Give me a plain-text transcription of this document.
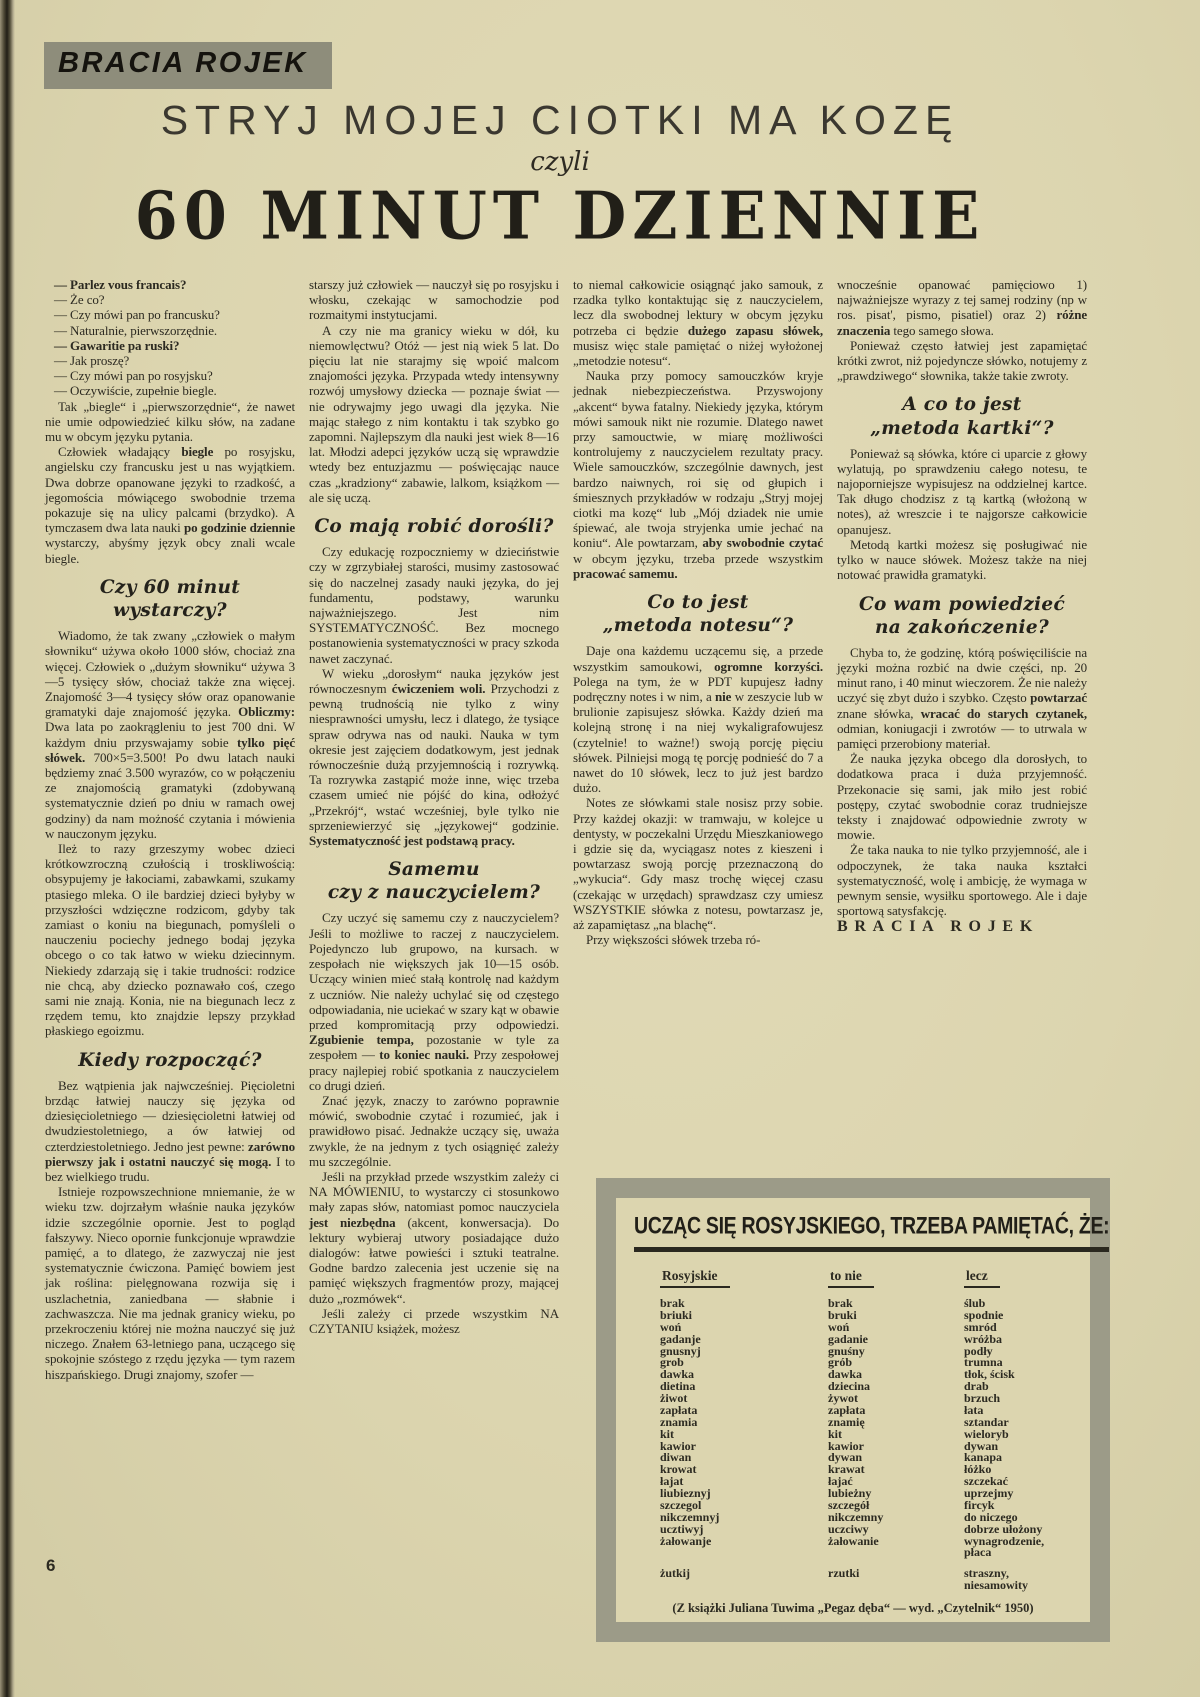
BRACIA ROJEK
STRYJ MOJEJ CIOTKI MA KOZĘ
czyli
60 MINUT DZIENNIE

— Parlez vous francais?

— Że co?

— Czy mówi pan po francusku?

— Naturalnie, pierwszorzędnie.

— Gawaritie pa ruski?

— Jak proszę?

— Czy mówi pan po rosyjsku?

— Oczywiście, zupełnie biegle.

Tak „biegle“ i „pierwszorzędnie“, że nawet nie umie odpowiedzieć kilku słów, na zadane mu w obcym języku pytania.

Człowiek władający biegle po rosyjsku, angielsku czy francusku jest u nas wyjątkiem. Dwa dobrze opanowane języki to rzadkość, a jegomościa mówiącego swobodnie trzema pokazuje się na ulicy palcami (brzydko). A tymczasem dwa lata nauki po godzinie dziennie wystarczy, abyśmy język obcy znali wcale biegle.

Czy 60 minut wystarczy?

Wiadomo, że tak zwany „człowiek o małym słowniku“ używa około 1000 słów, chociaż zna więcej. Człowiek o „dużym słowniku“ używa 3—5 tysięcy słów, chociaż także zna więcej. Znajomość 3—4 tysięcy słów oraz opanowanie gramatyki daje znajomość języka. Obliczmy: Dwa lata po zaokrągleniu to jest 700 dni. W każdym dniu przyswajamy sobie tylko pięć słówek. 700×5=3.500! Po dwu latach nauki będziemy znać 3.500 wyrazów, co w połączeniu ze znajomością gramatyki (zdobywaną systematycznie dzień po dniu w ramach owej godziny) da nam możność czytania i mówienia w nauczonym języku.

Ileż to razy grzeszymy wobec dzieci krótkowzroczną czułością i troskliwością: obsypujemy je łakociami, zabawkami, szukamy ptasiego mleka. O ile bardziej dzieci byłyby w przyszłości wdzięczne rodzicom, gdyby tak zamiast o koniu na biegunach, pomyśleli o nauczeniu pociechy jednego bodaj języka obcego o co tak łatwo w wieku dziecinnym. Niekiedy zdarzają się i takie trudności: rodzice nie chcą, aby dziecko poznawało coś, czego sami nie znają. Konia, nie na biegunach lecz z rzędem temu, kto znajdzie lepszy przykład płaskiego egoizmu.

Kiedy rozpocząć?

Bez wątpienia jak najwcześniej. Pięcioletni brzdąc łatwiej nauczy się języka od dziesięcioletniego — dziesięcioletni łatwiej od dwudziestoletniego, a ów łatwiej od czterdziestoletniego. Jedno jest pewne: zarówno pierwszy jak i ostatni nauczyć się mogą. I to bez wielkiego trudu.

Istnieje rozpowszechnione mniemanie, że w wieku tzw. dojrzałym właśnie nauka języków idzie szczególnie opornie. Jest to pogląd fałszywy. Nieco opornie funkcjonuje wprawdzie pamięć, a to dlatego, że zazwyczaj nie jest systematycznie ćwiczona. Pamięć bowiem jest jak roślina: pielęgnowana rozwija się i uszlachetnia, zaniedbana — słabnie i zachwaszcza. Nie ma jednak granicy wieku, po przekroczeniu której nie można nauczyć się już niczego. Znałem 63-letniego pana, uczącego się spokojnie szóstego z rzędu języka — tym razem hiszpańskiego. Drugi znajomy, szofer —

starszy już człowiek — nauczył się po rosyjsku i włosku, czekając w samochodzie pod rozmaitymi instytucjami.

A czy nie ma granicy wieku w dół, ku niemowlęctwu? Otóż — jest nią wiek 5 lat. Do pięciu lat nie starajmy się wpoić malcom znajomości języka. Przypada wtedy intensywny rozwój umysłowy dziecka — poznaje świat — nie odrywajmy jego uwagi dla języka. Nie mając stałego z nim kontaktu i tak szybko go zapomni. Najlepszym dla nauki jest wiek 8—16 lat. Młodzi adepci języków uczą się wprawdzie wtedy bez entuzjazmu — poświęcając nauce czas „kradziony“ zabawie, lalkom, książkom — ale się uczą.

Co mają robić dorośli?

Czy edukację rozpoczniemy w dzieciństwie czy w zgrzybiałej starości, musimy zastosować się do naczelnej zasady nauki języka, do jej fundamentu, podstawy, warunku najważniejszego. Jest nim SYSTEMATYCZNOŚĆ. Bez mocnego postanowienia systematyczności w pracy szkoda nawet zaczynać.

W wieku „dorosłym“ nauka języków jest równoczesnym ćwiczeniem woli. Przychodzi z pewną trudnością nie tylko z winy niesprawności umysłu, lecz i dlatego, że tysiące spraw odrywa nas od nauki. Nauka w tym okresie jest zajęciem dodatkowym, jest jednak równocześnie dużą przyjemnością i rozrywką. Ta rozrywka zastąpić może inne, więc trzeba czasem umieć nie pójść do kina, odłożyć „Przekrój“, wstać wcześniej, byle tylko nie sprzeniewierzyć się „językowej“ godzinie. Systematyczność jest podstawą pracy.

Samemu
czy z nauczycielem?

Czy uczyć się samemu czy z nauczycielem? Jeśli to możliwe to raczej z nauczycielem. Pojedynczo lub grupowo, na kursach. w zespołach nie większych jak 10—15 osób. Uczący winien mieć stałą kontrolę nad każdym z uczniów. Nie należy uchylać się od częstego odpowiadania, nie uciekać w szary kąt w obawie przed kompromitacją przy odpowiedzi. Zgubienie tempa, pozostanie w tyle za zespołem — to koniec nauki. Przy zespołowej pracy najlepiej robić spotkania z nauczycielem co drugi dzień.

Znać język, znaczy to zarówno poprawnie mówić, swobodnie czytać i rozumieć, jak i prawidłowo pisać. Jednakże uczący się, uważa zwykle, że na jednym z tych osiągnięć zależy mu szczególnie.

Jeśli na przykład przede wszystkim zależy ci NA MÓWIENIU, to wystarczy ci stosunkowo mały zapas słów, natomiast pomoc nauczyciela jest niezbędna (akcent, konwersacja). Do lektury wybieraj utwory posiadające dużo dialogów: łatwe powieści i sztuki teatralne. Godne bardzo zalecenia jest uczenie się na pamięć większych fragmentów prozy, mającej dużo „rozmówek“.

Jeśli zależy ci przede wszystkim NA CZYTANIU książek, możesz

to niemal całkowicie osiągnąć jako samouk, z rzadka tylko kontaktując się z nauczycielem, lecz dla swobodnej lektury w obcym języku potrzeba ci będzie dużego zapasu słówek, musisz więc stale pamiętać o niżej wyłożonej „metodzie notesu“.

Nauka przy pomocy samouczków kryje jednak niebezpieczeństwa. Przyswojony „akcent“ bywa fatalny. Niekiedy języka, którym mówi samouk nikt nie rozumie. Dlatego nawet przy samouctwie, w miarę możliwości kontrolujemy z nauczycielem rezultaty pracy. Wiele samouczków, szczególnie dawnych, jest bardzo naiwnych, roi się od głupich i śmiesznych przykładów w rodzaju „Stryj mojej ciotki ma kozę“ lub „Mój dziadek nie umie śpiewać, ale twoja stryjenka umie jechać na koniu“. Ale powtarzam, aby swobodnie czytać w obcym języku, trzeba przede wszystkim pracować samemu.

Co to jest
„metoda notesu“?

Daje ona każdemu uczącemu się, a przede wszystkim samoukowi, ogromne korzyści. Polega na tym, że w PDT kupujesz ładny podręczny notes i w nim, a nie w zeszycie lub w brulionie zapisujesz słówka. Każdy dzień ma kolejną stronę i na niej wykaligrafowujesz (czytelnie! to ważne!) swoją porcję pięciu słówek. Pilniejsi mogą tę porcję podnieść do 7 a nawet do 10 słówek, lecz to już jest bardzo dużo.

Notes ze słówkami stale nosisz przy sobie. Przy każdej okazji: w tramwaju, w kolejce u dentysty, w poczekalni Urzędu Mieszkaniowego i gdzie się da, wyciągasz notes z kieszeni i powtarzasz swoją porcję przeznaczoną do „wykucia“. Gdy masz trochę więcej czasu (czekając w urzędach) sprawdzasz czy umiesz WSZYSTKIE słówka z notesu, powtarzasz je, aż zapamiętasz „na blachę“.

Przy większości słówek trzeba ró-

wnocześnie opanować pamięciowo 1) najważniejsze wyrazy z tej samej rodziny (np w ros. pisat', pismo, pisatiel) oraz 2) różne znaczenia tego samego słowa.

Ponieważ często łatwiej jest zapamiętać krótki zwrot, niż pojedyncze słówko, notujemy z „prawdziwego“ słownika, także takie zwroty.

A co to jest
„metoda kartki“?

Ponieważ są słówka, które ci uparcie z głowy wylatują, po sprawdzeniu całego notesu, te najoporniejsze wypisujesz na oddzielnej kartce. Tak długo chodzisz z tą kartką (włożoną w notes), aż wreszcie i te najgorsze całkowicie opanujesz.

Metodą kartki możesz się posługiwać nie tylko w nauce słówek. Możesz także na niej notować prawidła gramatyki.

Co wam powiedzieć
na zakończenie?

Chyba to, że godzinę, którą poświęciliście na języki można rozbić na dwie części, np. 20 minut rano, i 40 minut wieczorem. Że nie należy uczyć się zbyt dużo i szybko. Często powtarzać znane słówka, wracać do starych czytanek, odmian, koniugacji i zwrotów — to utrwala w pamięci przerobiony materiał.

Że nauka języka obcego dla dorosłych, to dodatkowa praca i duża przyjemność. Przekonacie się sami, jak miło jest robić postępy, czytać swobodnie coraz trudniejsze teksty i znajdować odpowiednie zwroty w mowie.

Że taka nauka to nie tylko przyjemność, ale i odpoczynek, że taka nauka kształci systematyczność, wolę i ambicję, że wymaga w pewnym sensie, wysiłku sportowego. Ale i daje sportową satysfakcję.

BRACIA ROJEK

6
UCZĄC SIĘ ROSYJSKIEGO, TRZEBA PAMIĘTAĆ, ŻE:
Rosyjskie	to nie	lecz
brak	brak	ślub
briuki	bruki	spodnie
woń	woń	smród
gadanje	gadanie	wróżba
gnusnyj	gnuśny	podły
grob	grób	trumna
dawka	dawka	tłok, ścisk
dietina	dziecina	drab
żiwot	żywot	brzuch
zapłata	zapłata	łata
znamia	znamię	sztandar
kit	kit	wieloryb
kawior	kawior	dywan
diwan	dywan	kanapa
krowat	krawat	łóżko
łajat	łajać	szczekać
liubieznyj	lubieżny	uprzejmy
szczegol	szczegół	fircyk
nikczemnyj	nikczemny	do niczego
ucztiwyj	uczciwy	dobrze ułożony
żałowanje	żałowanie	wynagrodzenie, płaca
żutkij	rzutki	straszny, niesamowity
(Z książki Juliana Tuwima „Pegaz dęba“ — wyd. „Czytelnik“ 1950)
